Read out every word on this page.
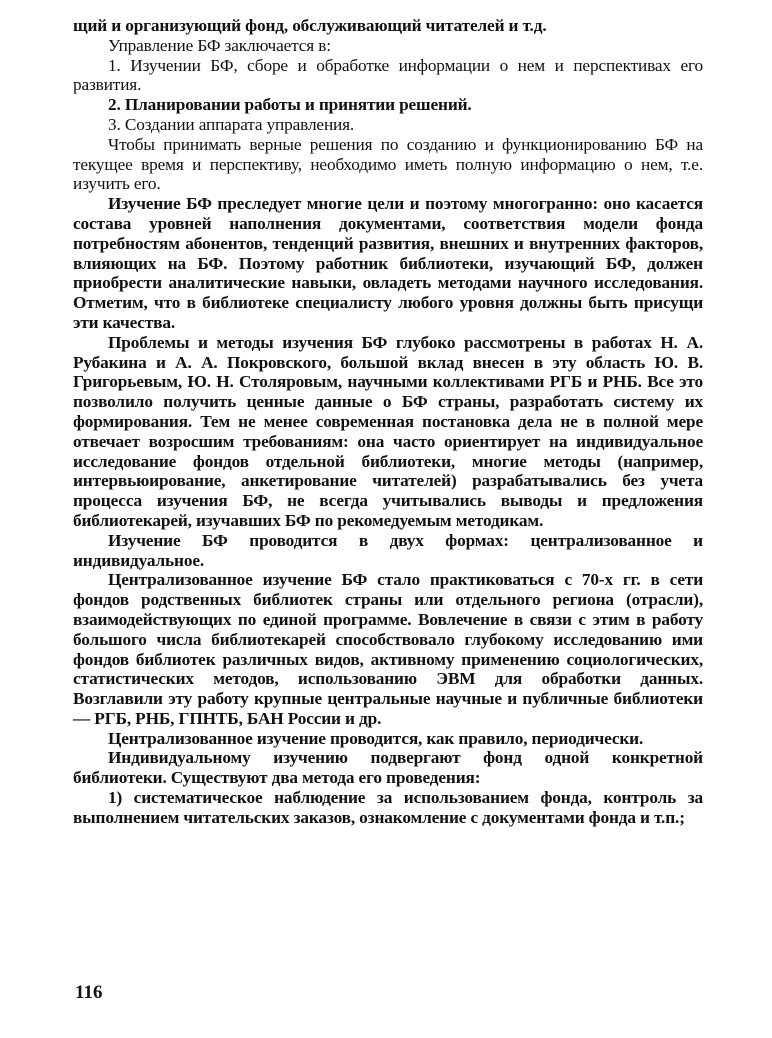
щий и организующий фонд, обслуживающий читателей и т.д.

Управление БФ заключается в:

1. Изучении БФ, сборе и обработке информации о нем и перспективах его развития.

2. Планировании работы и принятии решений.

3. Создании аппарата управления.

Чтобы принимать верные решения по созданию и функционированию БФ на текущее время и перспективу, необходимо иметь полную информацию о нем, т.е. изучить его.

Изучение БФ преследует многие цели и поэтому многогранно: оно касается состава уровней наполнения документами, соответствия модели фонда потребностям абонентов, тенденций развития, внешних и внутренних факторов, влияющих на БФ. Поэтому работник библиотеки, изучающий БФ, должен приобрести аналитические навыки, овладеть методами научного исследования. Отметим, что в библиотеке специалисту любого уровня должны быть присущи эти качества.

Проблемы и методы изучения БФ глубоко рассмотрены в работах Н. А. Рубакина и А. А. Покровского, большой вклад внесен в эту область Ю. В. Григорьевым, Ю. Н. Столяровым, научными коллективами РГБ и РНБ. Все это позволило получить ценные данные о БФ страны, разработать систему их формирования. Тем не менее современная постановка дела не в полной мере отвечает возросшим требованиям: она часто ориентирует на индивидуальное исследование фондов отдельной библиотеки, многие методы (например, интервьюирование, анкетирование читателей) разрабатывались без учета процесса изучения БФ, не всегда учитывались выводы и предложения библиотекарей, изучавших БФ по рекомедуемым методикам.

Изучение БФ проводится в двух формах: централизованное и индивидуальное.

Централизованное изучение БФ стало практиковаться с 70-х гг. в сети фондов родственных библиотек страны или отдельного региона (отрасли), взаимодействующих по единой программе. Вовлечение в связи с этим в работу большого числа библиотекарей способствовало глубокому исследованию ими фондов библиотек различных видов, активному применению социологических, статистических методов, использованию ЭВМ для обработки данных. Возглавили эту работу крупные центральные научные и публичные библиотеки — РГБ, РНБ, ГПНТБ, БАН России и др.

Централизованное изучение проводится, как правило, периодически.

Индивидуальному изучению подвергают фонд одной конкретной библиотеки. Существуют два метода его проведения:

1) систематическое наблюдение за использованием фонда, контроль за выполнением читательских заказов, ознакомление с документами фонда и т.п.;

116
